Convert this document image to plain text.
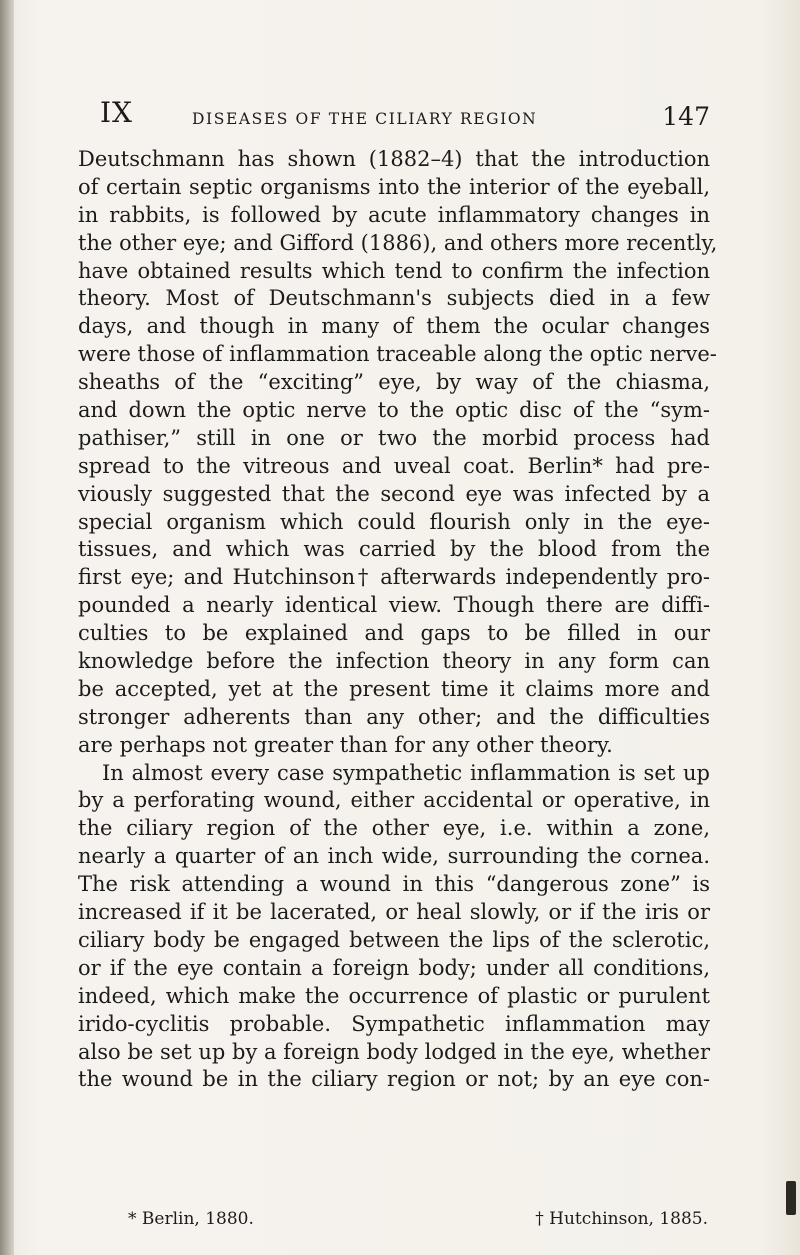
IX	DISEASES OF THE CILIARY REGION	147
Deutschmann has shown (1882–4) that the introduction
of certain septic organisms into the interior of the eyeball,
in rabbits, is followed by acute inflammatory changes in
the other eye; and Gifford (1886), and others more recently,
have obtained results which tend to confirm the infection
theory. Most of Deutschmann's subjects died in a few
days, and though in many of them the ocular changes
were those of inflammation traceable along the optic nerve-
sheaths of the “exciting” eye, by way of the chiasma,
and down the optic nerve to the optic disc of the “sym-
pathiser,” still in one or two the morbid process had
spread to the vitreous and uveal coat. Berlin* had pre-
viously suggested that the second eye was infected by a
special organism which could flourish only in the eye-
tissues, and which was carried by the blood from the
first eye; and Hutchinson† afterwards independently pro-
pounded a nearly identical view. Though there are diffi-
culties to be explained and gaps to be filled in our
knowledge before the infection theory in any form can
be accepted, yet at the present time it claims more and
stronger adherents than any other; and the difficulties
are perhaps not greater than for any other theory.
In almost every case sympathetic inflammation is set up
by a perforating wound, either accidental or operative, in
the ciliary region of the other eye, i.e. within a zone,
nearly a quarter of an inch wide, surrounding the cornea.
The risk attending a wound in this “dangerous zone” is
increased if it be lacerated, or heal slowly, or if the iris or
ciliary body be engaged between the lips of the sclerotic,
or if the eye contain a foreign body; under all conditions,
indeed, which make the occurrence of plastic or purulent
irido-cyclitis probable. Sympathetic inflammation may
also be set up by a foreign body lodged in the eye, whether
the wound be in the ciliary region or not; by an eye con-
* Berlin, 1880.	† Hutchinson, 1885.
